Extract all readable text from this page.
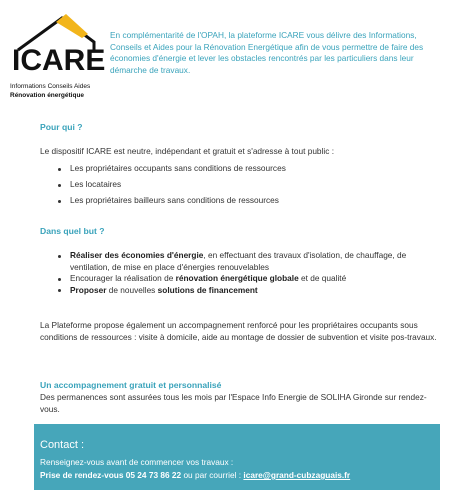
ICARE
Informations Conseils Aides
Rénovation énergétique
En complémentarité de l'OPAH, la plateforme ICARE vous délivre des Informations, Conseils et Aides pour la Rénovation Energétique afin de vous permettre de faire des économies d'énergie et lever les obstacles rencontrés par les particuliers dans leur démarche de travaux.
Pour qui ?
Le dispositif ICARE est neutre, indépendant et gratuit et s'adresse à tout public :
Les propriétaires occupants sans conditions de ressources
Les locataires
Les propriétaires bailleurs sans conditions de ressources
Dans quel but ?
Réaliser des économies d'énergie, en effectuant des travaux d'isolation, de chauffage, de ventilation, de mise en place d'énergies renouvelables
Encourager la réalisation de rénovation énergétique globale et de qualité
Proposer de nouvelles solutions de financement
La Plateforme propose également un accompagnement renforcé pour les propriétaires occupants sous conditions de ressources : visite à domicile, aide au montage de dossier de subvention et visite pos-travaux.
Un accompagnement gratuit et personnalisé
Des permanences sont assurées tous les mois par l'Espace Info Energie de SOLIHA Gironde sur rendez-vous.
Contact :
Renseignez-vous avant de commencer vos travaux :
Prise de rendez-vous 05 24 73 86 22 ou par courriel : icare@grand-cubzaguais.fr
